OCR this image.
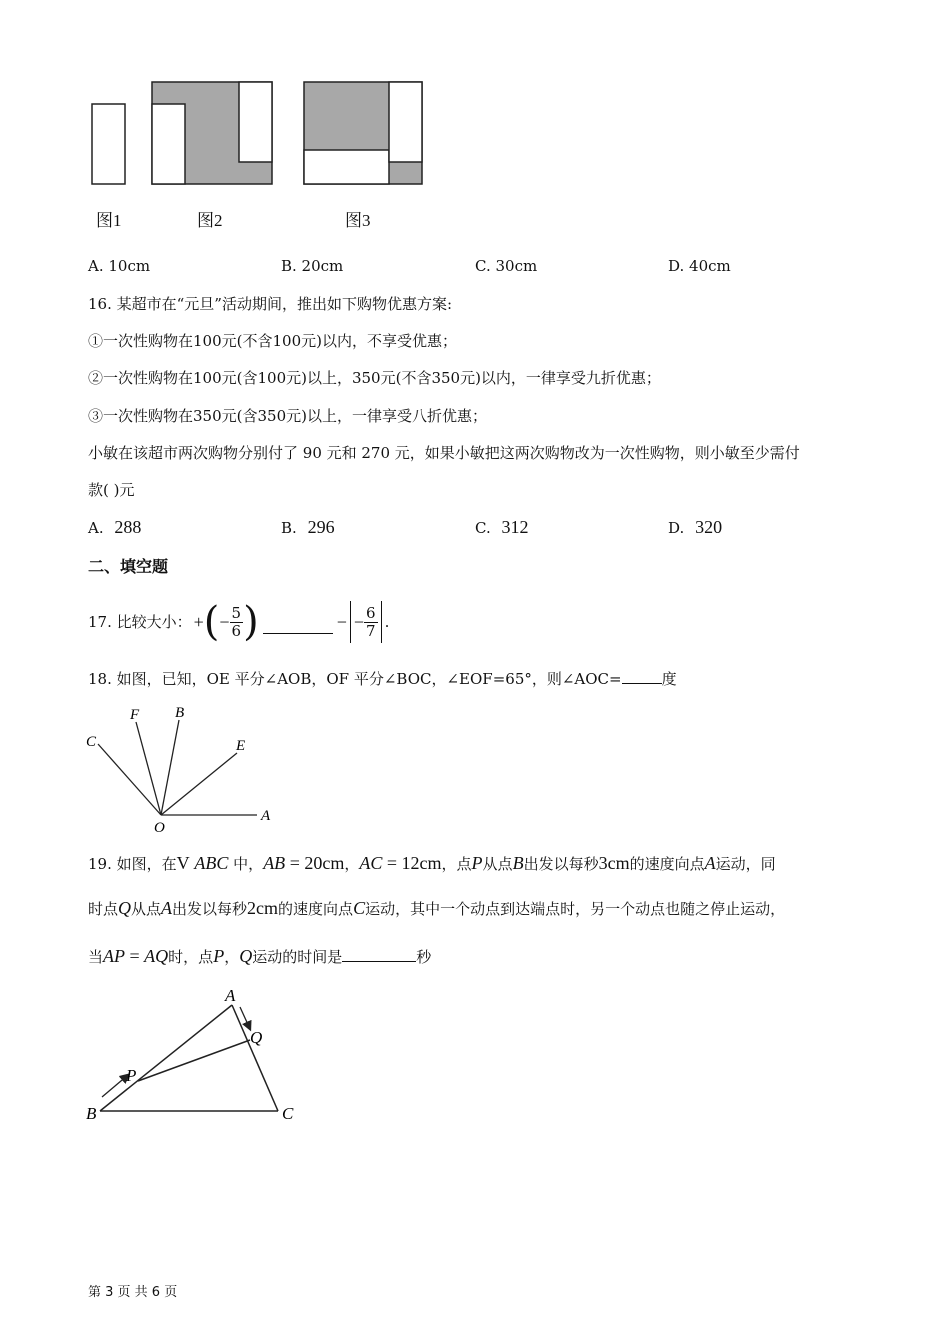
图1	图2	图3
A. 10cm	B. 20cm	C. 30cm	D. 40cm
16. 某超市在“元旦”活动期间，推出如下购物优惠方案:
①一次性购物在100元(不含100元)以内，不享受优惠；
②一次性购物在100元(含100元)以上，350元(不含350元)以内，一律享受九折优惠；
③一次性购物在350元(含350元)以上，一律享受八折优惠；
小敏在该超市两次购物分别付了 90 元和 270 元，如果小敏把这两次购物改为一次性购物，则小敏至少需付
款( )元
A. 288	B. 296	C. 312	D. 320
二、填空题
17. 比较大小： + ( − $\frac{5}{6}$ )	− − $\frac{6}{7}$ .
18. 如图，已知，OE 平分∠AOB，OF 平分∠BOC，∠EOF=65°，则∠AOC=	度
C
F B
E
O
A
19. 如图，在V ABC 中，AB = 20cm，AC = 12cm，点P从点B出发以每秒3cm的速度向点A运动，同
时点Q从点A出发以每秒2cm的速度向点C运动，其中一个动点到达端点时，另一个动点也随之停止运动，
当AP = AQ时，点P，Q运动的时间是	秒
A
Q
P
B	C
第 3 页 共 6 页
